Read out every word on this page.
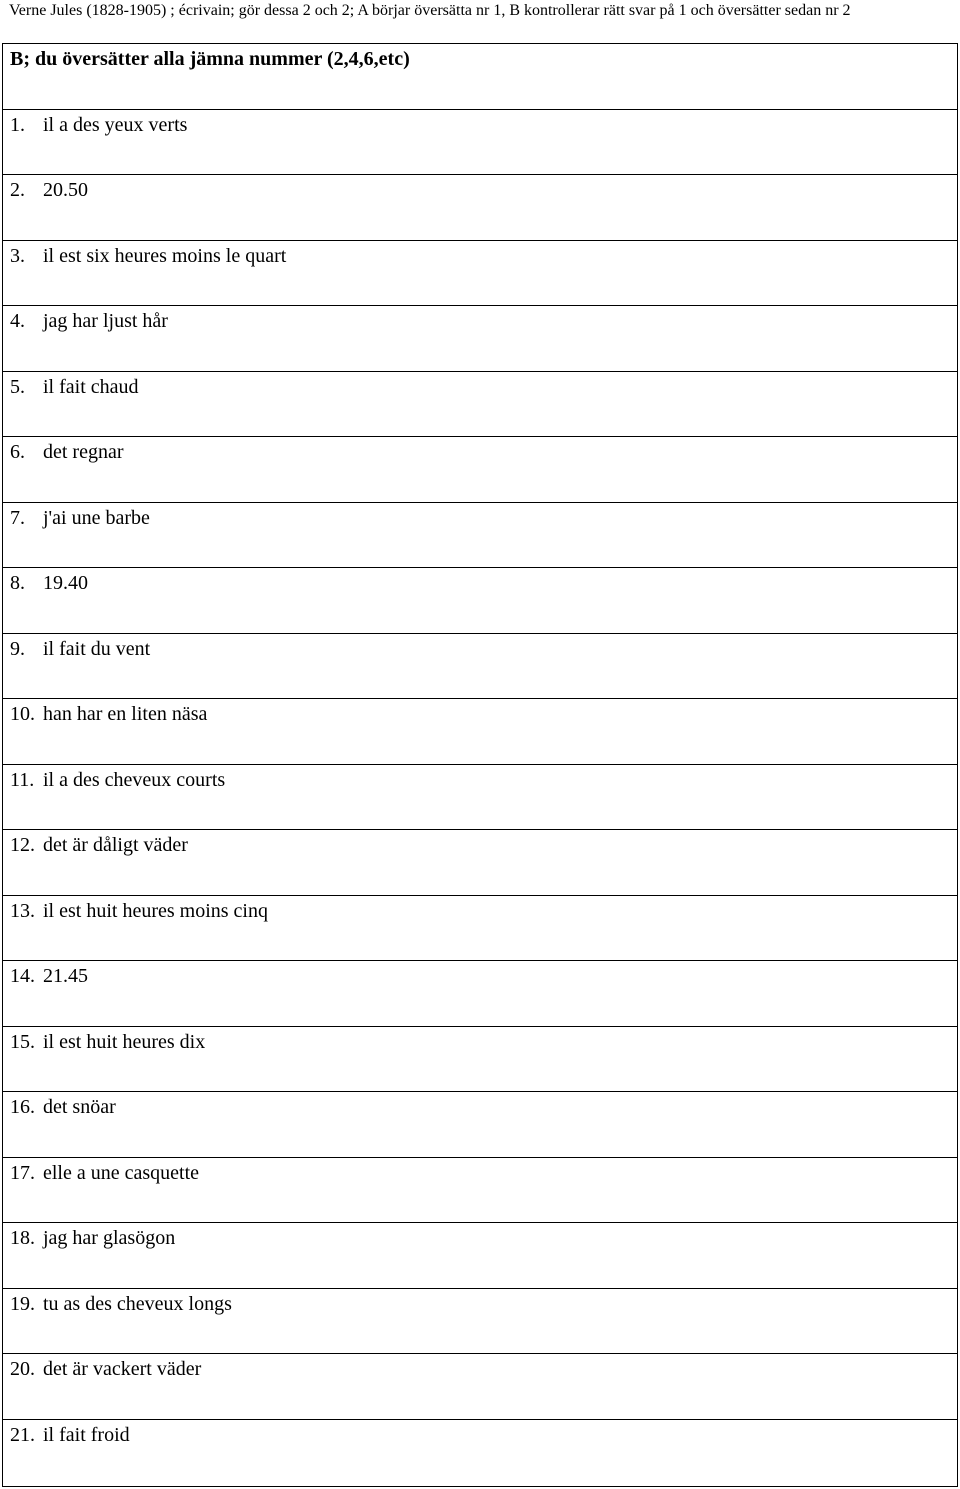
Verne Jules (1828-1905) ; écrivain; gör dessa 2 och 2; A börjar översätta nr 1, B kontrollerar rätt svar på 1 och översätter sedan nr 2
B; du översätter alla jämna nummer (2,4,6,etc)
1. il a des yeux verts
2. 20.50
3. il est six heures moins le quart
4. jag har ljust hår
5. il fait chaud
6. det regnar
7. j'ai une barbe
8. 19.40
9. il fait du vent
10. han har en liten näsa
11. il a des cheveux courts
12. det är dåligt väder
13. il est huit heures moins cinq
14. 21.45
15. il est huit heures dix
16. det snöar
17. elle a une casquette
18. jag har glasögon
19. tu as des cheveux longs
20. det är vackert väder
21. il fait froid
